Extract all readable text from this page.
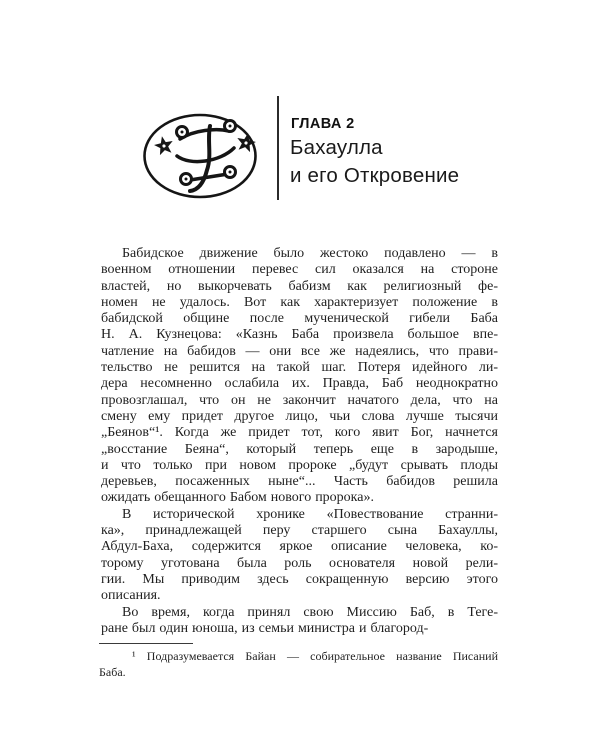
ГЛАВА 2
Бахаулла
и его Откровение
Бабидское движение было жестоко подавлено — в
военном отношении перевес сил оказался на стороне
властей, но выкорчевать бабизм как религиозный фе-
номен не удалось. Вот как характеризует положение в
бабидской общине после мученической гибели Баба
Н. А. Кузнецова: «Казнь Баба произвела большое впе-
чатление на бабидов — они все же надеялись, что прави-
тельство не решится на такой шаг. Потеря идейного ли-
дера несомненно ослабила их. Правда, Баб неоднократно
провозглашал, что он не закончит начатого дела, что на
смену ему придет другое лицо, чьи слова лучше тысячи
„Беянов“¹. Когда же придет тот, кого явит Бог, начнется
„восстание Беяна“, который теперь еще в зародыше,
и что только при новом пророке „будут срывать плоды
деревьев, посаженных ныне“... Часть бабидов решила
ожидать обещанного Бабом нового пророка».
В исторической хронике «Повествование странни-
ка», принадлежащей перу старшего сына Бахауллы,
Абдул-Баха, содержится яркое описание человека, ко-
торому уготована была роль основателя новой рели-
гии. Мы приводим здесь сокращенную версию этого
описания.
Во время, когда принял свою Миссию Баб, в Теге-
ране был один юноша, из семьи министра и благород-
¹ Подразумевается Байан — собирательное название Писаний
Баба.
